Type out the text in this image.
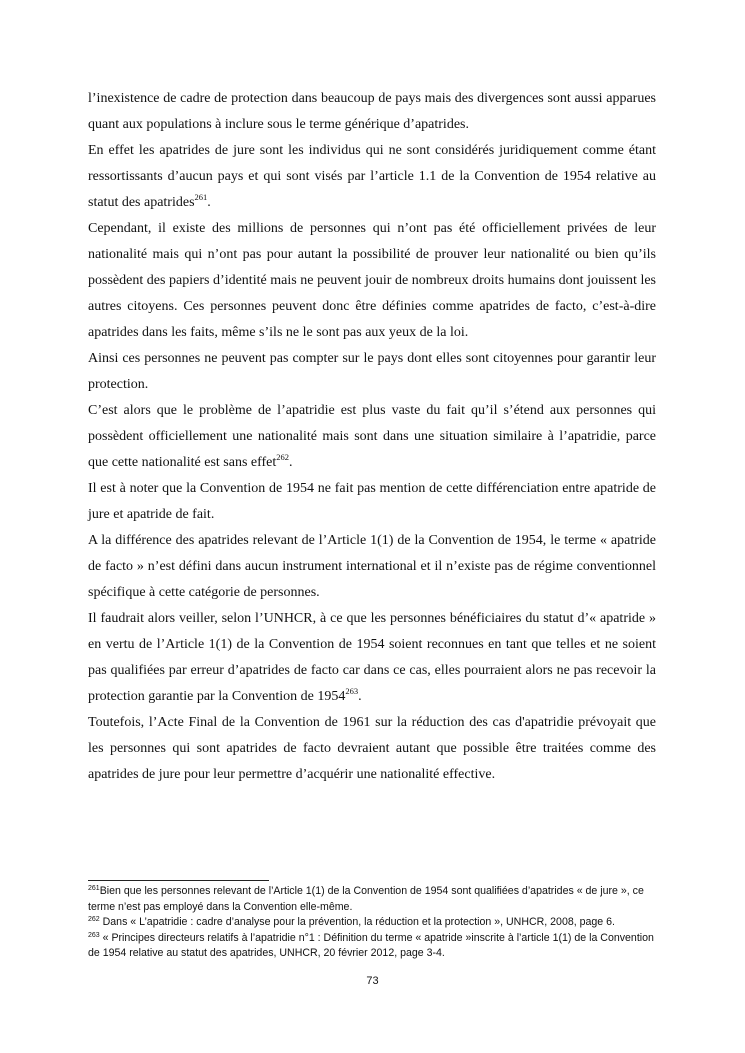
l’inexistence de cadre de protection dans beaucoup de pays mais des divergences sont aussi apparues quant aux populations à inclure sous le terme générique d’apatrides.

En effet les apatrides de jure sont les individus qui ne sont considérés juridiquement comme étant ressortissants d’aucun pays et qui sont visés par l’article 1.1 de la Convention de 1954 relative au statut des apatrides$^{261}$.

Cependant, il existe des millions de personnes qui n’ont pas été officiellement privées de leur nationalité mais qui n’ont pas pour autant la possibilité de prouver leur nationalité ou bien qu’ils possèdent des papiers d’identité mais ne peuvent jouir de nombreux droits humains dont jouissent les autres citoyens. Ces personnes peuvent donc être définies comme apatrides de facto, c’est-à-dire apatrides dans les faits, même s’ils ne le sont pas aux yeux de la loi.

Ainsi ces personnes ne peuvent pas compter sur le pays dont elles sont citoyennes pour garantir leur protection.

C’est alors que le problème de l’apatridie est plus vaste du fait qu’il s’étend aux personnes qui possèdent officiellement une nationalité mais sont dans une situation similaire à l’apatridie, parce que cette nationalité est sans effet$^{262}$.

Il est à noter que la Convention de 1954 ne fait pas mention de cette différenciation entre apatride de jure et apatride de fait.

A la différence des apatrides relevant de l’Article 1(1) de la Convention de 1954, le terme « apatride de facto » n’est défini dans aucun instrument international et il n’existe pas de régime conventionnel spécifique à cette catégorie de personnes.

Il faudrait alors veiller, selon l’UNHCR, à ce que les personnes bénéficiaires du statut d’« apatride » en vertu de l’Article 1(1) de la Convention de 1954 soient reconnues en tant que telles et ne soient pas qualifiées par erreur d’apatrides de facto car dans ce cas, elles pourraient alors ne pas recevoir la protection garantie par la Convention de 1954$^{263}$.

Toutefois, l’Acte Final de la Convention de 1961 sur la réduction des cas d'apatridie prévoyait que les personnes qui sont apatrides de facto devraient autant que possible être traitées comme des apatrides de jure pour leur permettre d’acquérir une nationalité effective.

$^{261}$Bien que les personnes relevant de l’Article 1(1) de la Convention de 1954 sont qualifiées d’apatrides « de jure », ce terme n’est pas employé dans la Convention elle-même.

$^{262}$ Dans « L’apatridie : cadre d’analyse pour la prévention, la réduction et la protection », UNHCR, 2008, page 6.

$^{263}$ « Principes directeurs relatifs à l’apatridie n°1 : Définition du terme « apatride »inscrite à l’article 1(1) de la Convention de 1954 relative au statut des apatrides, UNHCR, 20 février 2012, page 3-4.

73
